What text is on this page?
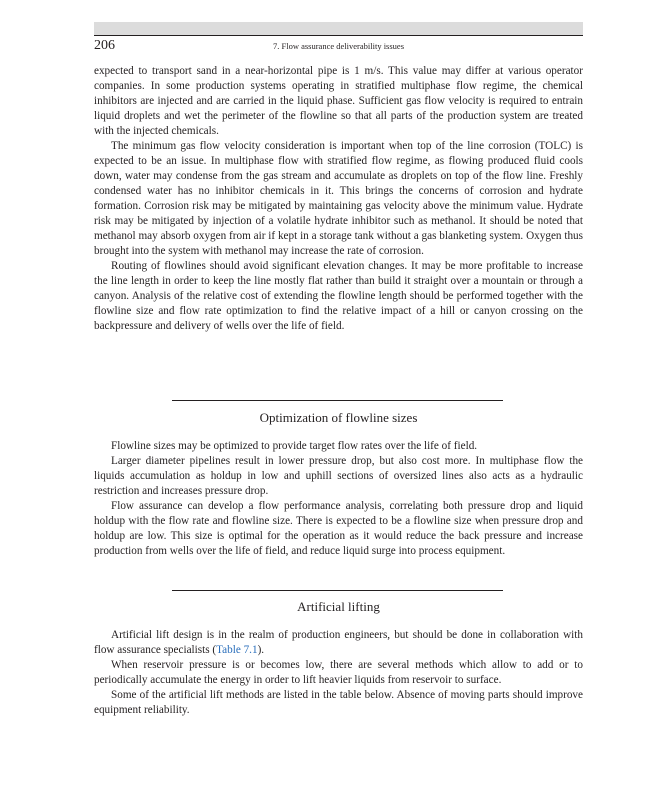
206	7. Flow assurance deliverability issues

expected to transport sand in a near-horizontal pipe is 1 m/s. This value may differ at various operator companies. In some production systems operating in stratified multiphase flow regime, the chemical inhibitors are injected and are carried in the liquid phase. Sufficient gas flow velocity is required to entrain liquid droplets and wet the perimeter of the flowline so that all parts of the production system are treated with the injected chemicals.

The minimum gas flow velocity consideration is important when top of the line corrosion (TOLC) is expected to be an issue. In multiphase flow with stratified flow regime, as flowing produced fluid cools down, water may condense from the gas stream and accumulate as droplets on top of the flow line. Freshly condensed water has no inhibitor chemicals in it. This brings the concerns of corrosion and hydrate formation. Corrosion risk may be mitigated by maintaining gas velocity above the minimum value. Hydrate risk may be mitigated by injection of a volatile hydrate inhibitor such as methanol. It should be noted that methanol may absorb oxygen from air if kept in a storage tank without a gas blanketing system. Oxygen thus brought into the system with methanol may increase the rate of corrosion.

Routing of flowlines should avoid significant elevation changes. It may be more profitable to increase the line length in order to keep the line mostly flat rather than build it straight over a mountain or through a canyon. Analysis of the relative cost of extending the flowline length should be performed together with the flowline size and flow rate optimization to find the relative impact of a hill or canyon crossing on the backpressure and delivery of wells over the life of field.

Optimization of flowline sizes

Flowline sizes may be optimized to provide target flow rates over the life of field.

Larger diameter pipelines result in lower pressure drop, but also cost more. In multiphase flow the liquids accumulation as holdup in low and uphill sections of oversized lines also acts as a hydraulic restriction and increases pressure drop.

Flow assurance can develop a flow performance analysis, correlating both pressure drop and liquid holdup with the flow rate and flowline size. There is expected to be a flowline size when pressure drop and holdup are low. This size is optimal for the operation as it would reduce the back pressure and increase production from wells over the life of field, and reduce liquid surge into process equipment.

Artificial lifting

Artificial lift design is in the realm of production engineers, but should be done in collaboration with flow assurance specialists (Table 7.1).

When reservoir pressure is or becomes low, there are several methods which allow to add or to periodically accumulate the energy in order to lift heavier liquids from reservoir to surface.

Some of the artificial lift methods are listed in the table below. Absence of moving parts should improve equipment reliability.
